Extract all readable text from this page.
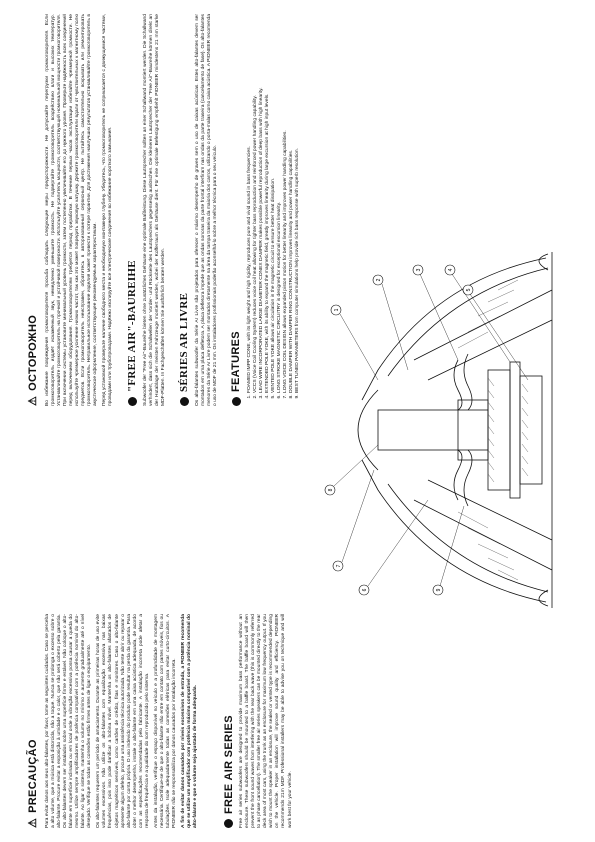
⚠
PRECAUÇÃO Para evitar danos aos seus alto-falantes, por favor, tome as seguintes cuidados. Caso se perceba a alto volume, que a música está distorcida, não a toque. Nunca se prolonga o excesso sobre o alto-falante. Procure evitar a exposição à umidade e o calor, que não será coberto pela garantia. Os alto-falantes devem ser instalados sobre uma superfície firme e estável. Não coloque o alto-falante em superfície inclinada ou em local onde a vibração excessiva possa causar a queda do mesmo. Utilize sempre amplificadores de potência compatível com a potência nominal do alto-falante. Ao ligar o sistema, mantenha o volume no mínimo e aumente gradualmente até o nível desejado. Verifique se todas as conexões estão firmes antes de ligar o equipamento. Os alto-falantes requerem um período de amaciamento. Durante as primeiras horas de uso evite volumes excessivos. Não utilize os alto-falantes com equalização excessiva nas baixas frequências, pois isso pode danificar a bobina móvel. Mantenha os alto-falantes afastados de objetos magnéticos sensíveis, como cartões de crédito, fitas e monitores. Caso o alto-falante apresente algum defeito, procure uma assistência técnica autorizada. Não tente abrir ou reparar o alto-falante por conta própria. O uso indevido do produto pode resultar na perda da garantia. Para obter o melhor desempenho, instale o alto-falante em uma caixa acústica adequada, de acordo com as especificações recomendadas pelo fabricante. A instalação incorreta pode afetar a resposta de frequência e a qualidade do som reproduzido pelo sistema. Antes da instalação, verifique o espaço disponível no veículo e a profundidade de montagem necessária. Certifique-se de que o alto-falante não entre em contato com partes móveis, fios ou tubulações. Isole adequadamente todas as conexões elétricas para evitar curto-circuitos. A PIONEER não se responsabiliza por danos causados por instalação incorreta. A fim de evitar danos causados por níveis excessivos de entrada, a PIONEER recomenda que se utilize um amplificador com potência máxima compatível com a potência nominal do alto-falante e que o volume seja ajustado de forma adequada. FREE AIR SERIES Free air series subwoofers are designed to provide maximum bass performance without an enclosure. These subwoofers should be mounted to a baffle board. The baffle board will then prevent the front sound waves from interfering with the rear back wave (this is commonly referred to as phase cancellation). The smaller free air series speakers can be mounted directly to the rear deck area of most cars, using the trunk as an enclosure for maximum low frequency output. If you wish to mount the speaker in an enclosure, the sealed or vented type is recommended depending on the vehicle. Proper installation will improve sound quality and efficiency. PIONEER recommends 21m MDF. Professional installers may be able to advise you on technique and will work best for your vehicle.

1
2
3	4
5
6
7
8
9
⚠
ОСТОРОЖНО Во избежание повреждения громкоговорителя просьба соблюдать следующие меры предосторожности. Не допускайте перегрузки громкоговорителя. Если громкоговоритель издаёт искажённый звук, немедленно уменьшите громкость. Не подвергайте громкоговоритель воздействию влаги и высоких температур. Устанавливайте громкоговоритель на прочной и устойчивой поверхности. Используйте усилитель мощности, соответствующий номинальной мощности громкоговорителя. При включении системы установите минимальный уровень громкости, затем постепенно увеличивайте его до нужного уровня. Проверьте надёжность всех соединений перед включением оборудования. Громкоговорителям требуется период приработки. В течение первых часов эксплуатации избегайте чрезмерной громкости. Не используйте чрезмерное усиление низких частот, так как это может повредить звуковую катушку. Держите громкоговорители вдали от чувствительных к магнитному полю предметов. Если громкоговоритель неисправен, обратитесь в авторизованный сервисный центр. Не пытайтесь самостоятельно вскрывать или ремонтировать громкоговоритель. Неправильное использование изделия может привести к потере гарантии. Для достижения наилучших результатов устанавливайте громкоговоритель в акустическое оформление, соответствующее рекомендуемым характеристикам. Перед установкой проверьте наличие свободного места и необходимую монтажную глубину. Убедитесь, что громкоговоритель не соприкасается с движущимися частями, проводами или трубопроводами. Надёжно изолируйте все электрические соединения во избежание короткого замыкания. "FREE AIR"-BAUREIHE Subwoofer der "Free Air"-Baureihe bieten ohne zusätzliches Gehäuse eine optimale Baßleistung. Diese Lautsprecher sollten an einer Schallwand montiert werden. Die Schallwand verhindert, dass sich die Schallwellen der Vorder- und Rückseite des Lautsprechers gegenseitig auslöschen. Die kleineren Lautsprecher der "Free Air"-Baureihe können direkt an der Hutablage der meisten Fahrzeuge montiert werden, wobei der Kofferraum als Gehäuse dient. Für eine optimale Befestigung empfiehlt PIONEER mindestens 21 mm starke MDF-Platten. In Fachgeschäften können Sie ausführlich beraten werden. SÉRIES AR LIVRE Os alto-falantes subwoofer da Série Ar Livre são projetados para oferecer o máximo desempenho de graves sem o uso de caixas acústicas. Estes alto-falantes devem ser montados em uma placa defletora. A placa defletora impede que as ondas sonoras da parte frontal interfiram nas ondas da parte traseira (cancelamento de fase). Os alto-falantes menores da Série Ar Livre podem ser montados diretamente na área da tampa traseira da maioria dos carros, utilizando o porta-malas como caixa acústica. A PIONEER recomenda o uso de MDF de 21 mm. Os instaladores profissionais poderão aconselhá-lo sobre a melhor técnica para o seu veículo. FEATURES 1. FOAMED IMPP CONE, with its light weight and high rigidity, reproduces pure and vivid sound in bass frequencies. 2. VCCS (Voice Coil Cooling System) reduces voice coil heat allowing for tighter bass reproduction and reinforced power handling capability. 3. LEAD WIRE INCORPORATED LARGE DIAMETER CONEX DAMPER makes possible powerful reproduction of deep bass with high linearity. 4. EXTENDED POLE YOKE, with its ability to expand the magnetic field, greatly improves linearity during large excursion at high input levels. 5. VENTED POLE YOKE allows air circulation in the magnetic circuit to ensure better heat dissipation. 6. LONG STROKE MAGNETIC CIRCUITRY is designed for exceptional excursion linearity. 7. LONG VOICE COIL DESIGN allows expanded piston motion for better linearity and improves power handling capabilities. 8. DOUBLE DAMPER WITH DAMPER RING CONSTRUCTION improves linearity and power handling capabilities. 9. BEST TUNED PARAMETERS from computer simulations help provide rich bass response with superb resolution.
